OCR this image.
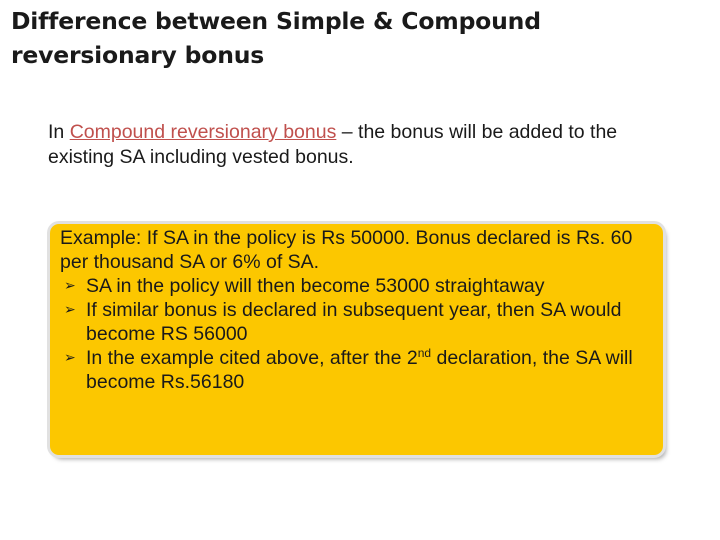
Difference between Simple & Compound reversionary bonus

In Compound reversionary bonus – the bonus will be added to the existing SA including vested bonus.

Example: If SA in the policy is Rs 50000. Bonus declared is Rs. 60 per thousand SA or 6% of SA.

➢ SA in the policy will then become 53000 straightaway
➢ If similar bonus is declared in subsequent year, then SA would become RS 56000
➢ In the example cited above, after the 2nd declaration, the SA will become Rs.56180
